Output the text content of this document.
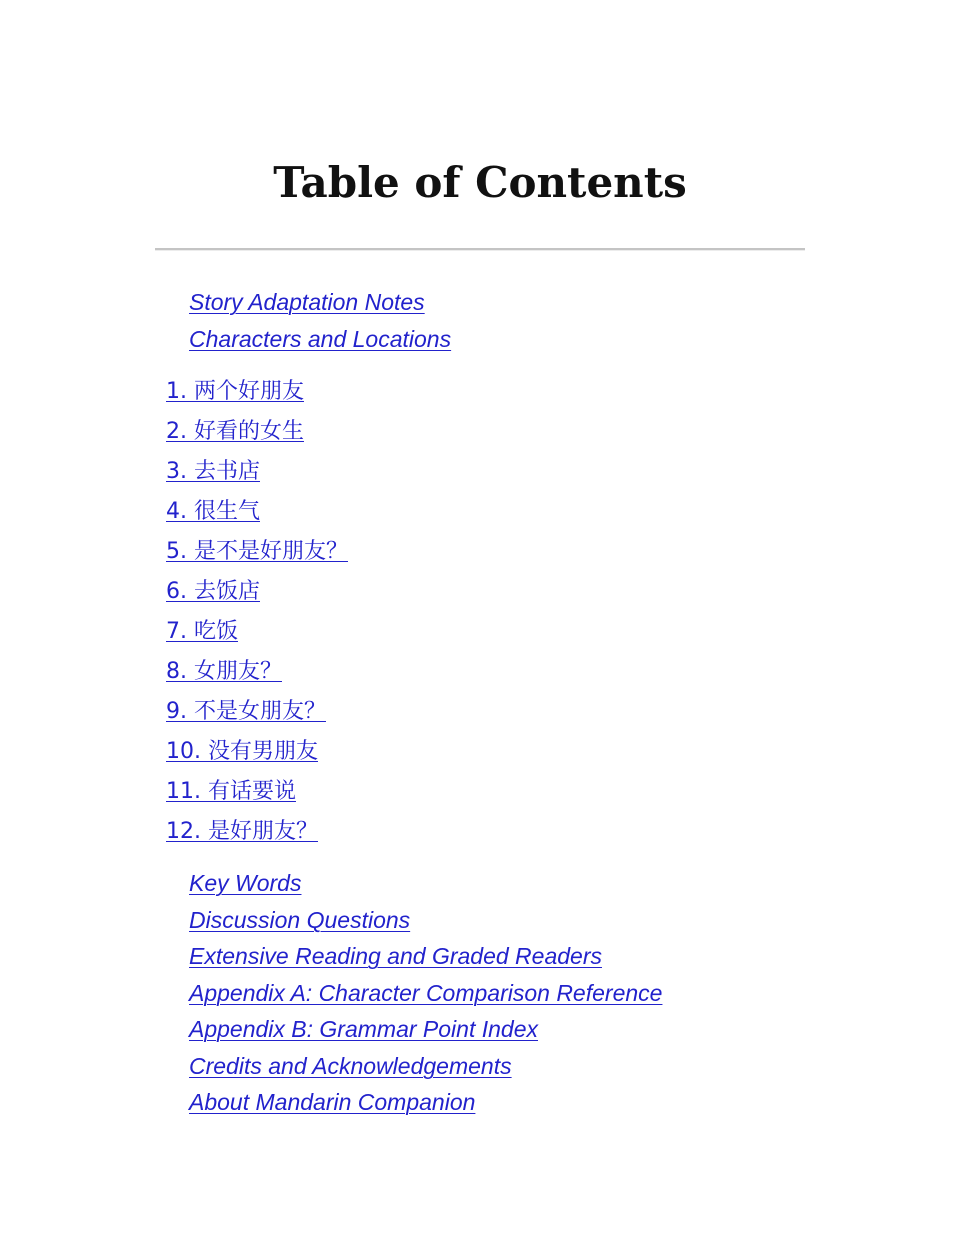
Table of Contents
Story Adaptation Notes
Characters and Locations
1. 两个好朋友
2. 好看的女生
3. 去书店
4. 很生气
5. 是不是好朋友？
6. 去饭店
7. 吃饭
8. 女朋友？
9. 不是女朋友？
10. 没有男朋友
11. 有话要说
12. 是好朋友？
Key Words
Discussion Questions
Extensive Reading and Graded Readers
Appendix A: Character Comparison Reference
Appendix B: Grammar Point Index
Credits and Acknowledgements
About Mandarin Companion
